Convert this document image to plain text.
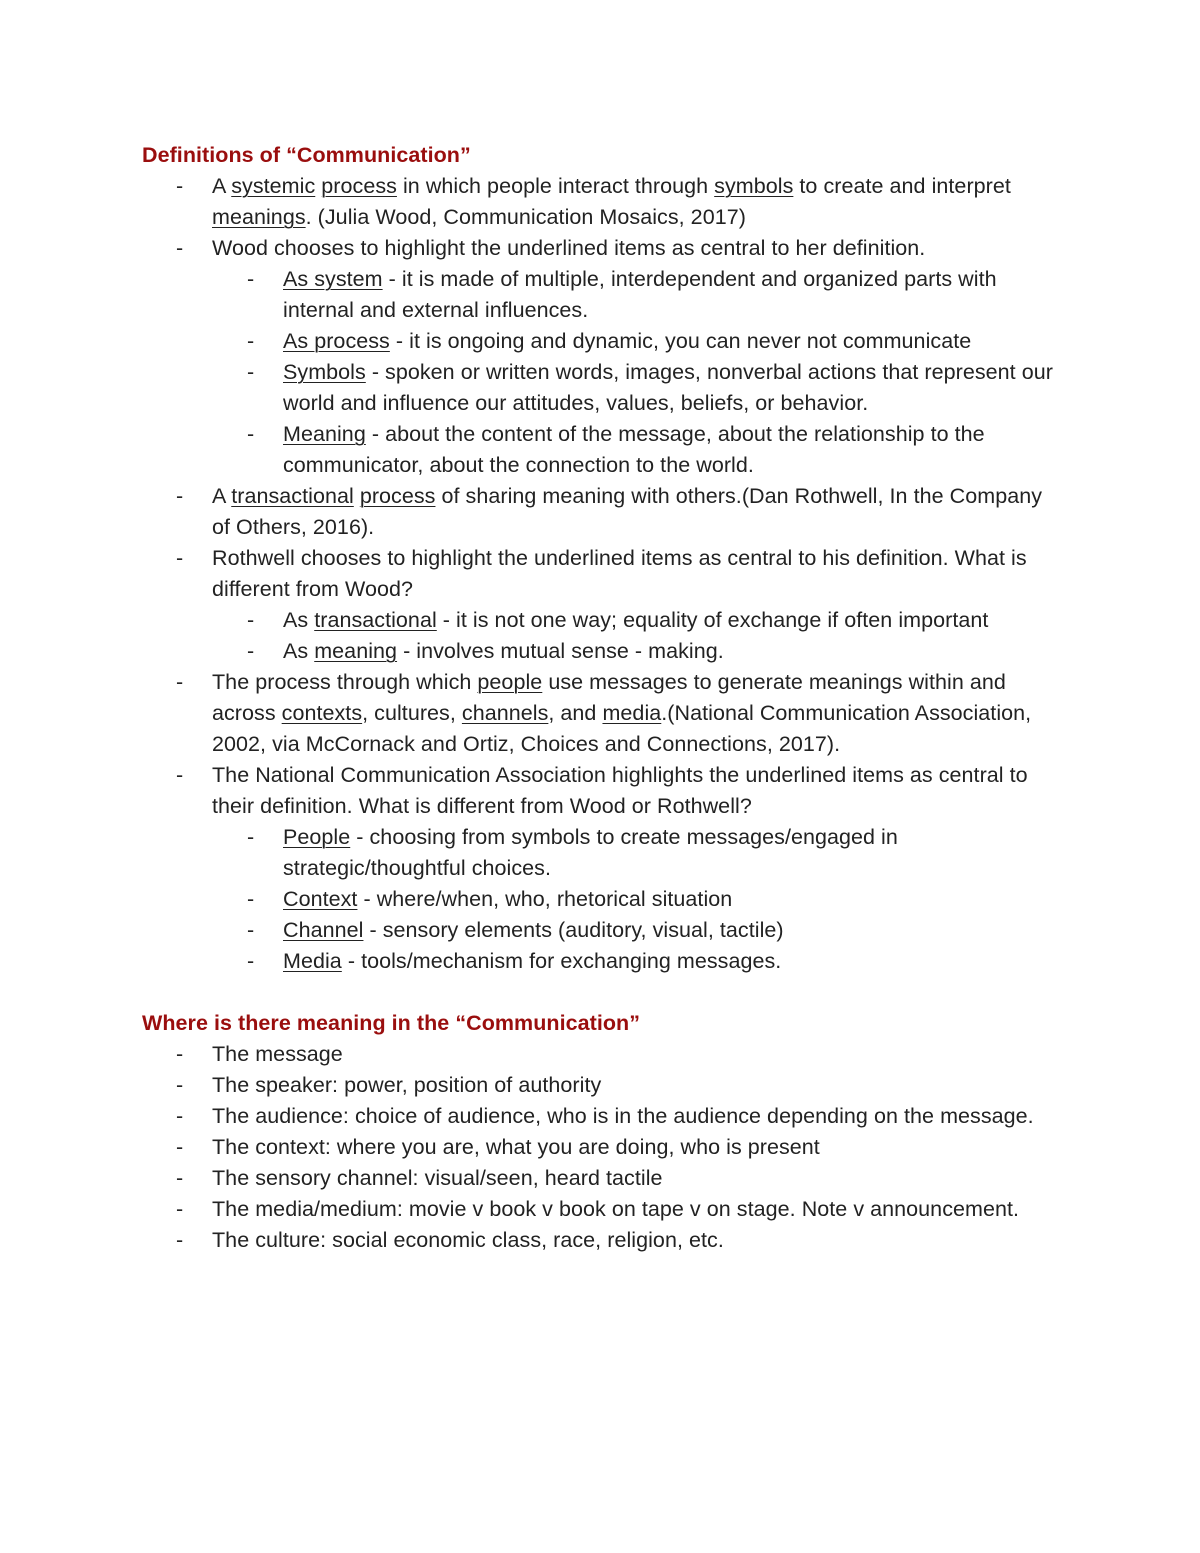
Definitions of “Communication”
-	A systemic process in which people interact through symbols to create and interpret meanings. (Julia Wood, Communication Mosaics, 2017)
-	Wood chooses to highlight the underlined items as central to her definition.
-	As system - it is made of multiple, interdependent and organized parts with internal and external influences.
-	As process - it is ongoing and dynamic, you can never not communicate
-	Symbols - spoken or written words, images, nonverbal actions that represent our world and influence our attitudes, values, beliefs, or behavior.
-	Meaning - about the content of the message, about the relationship to the communicator, about the connection to the world.
-	A transactional process of sharing meaning with others.(Dan Rothwell, In the Company of Others, 2016).
-	Rothwell chooses to highlight the underlined items as central to his definition. What is different from Wood?
-	As transactional - it is not one way; equality of exchange if often important
-	As meaning - involves mutual sense - making.
-	The process through which people use messages to generate meanings within and across contexts, cultures, channels, and media.(National Communication Association, 2002, via McCornack and Ortiz, Choices and Connections, 2017).
-	The National Communication Association highlights the underlined items as central to their definition. What is different from Wood or Rothwell?
-	People - choosing from symbols to create messages/engaged in strategic/thoughtful choices.
-	Context - where/when, who, rhetorical situation
-	Channel - sensory elements (auditory, visual, tactile)
-	Media - tools/mechanism for exchanging messages.
Where is there meaning in the “Communication”
-	The message
-	The speaker: power, position of authority
-	The audience: choice of audience, who is in the audience depending on the message.
-	The context: where you are, what you are doing, who is present
-	The sensory channel: visual/seen, heard tactile
-	The media/medium: movie v book v book on tape v on stage. Note v announcement.
-	The culture: social economic class, race, religion, etc.
